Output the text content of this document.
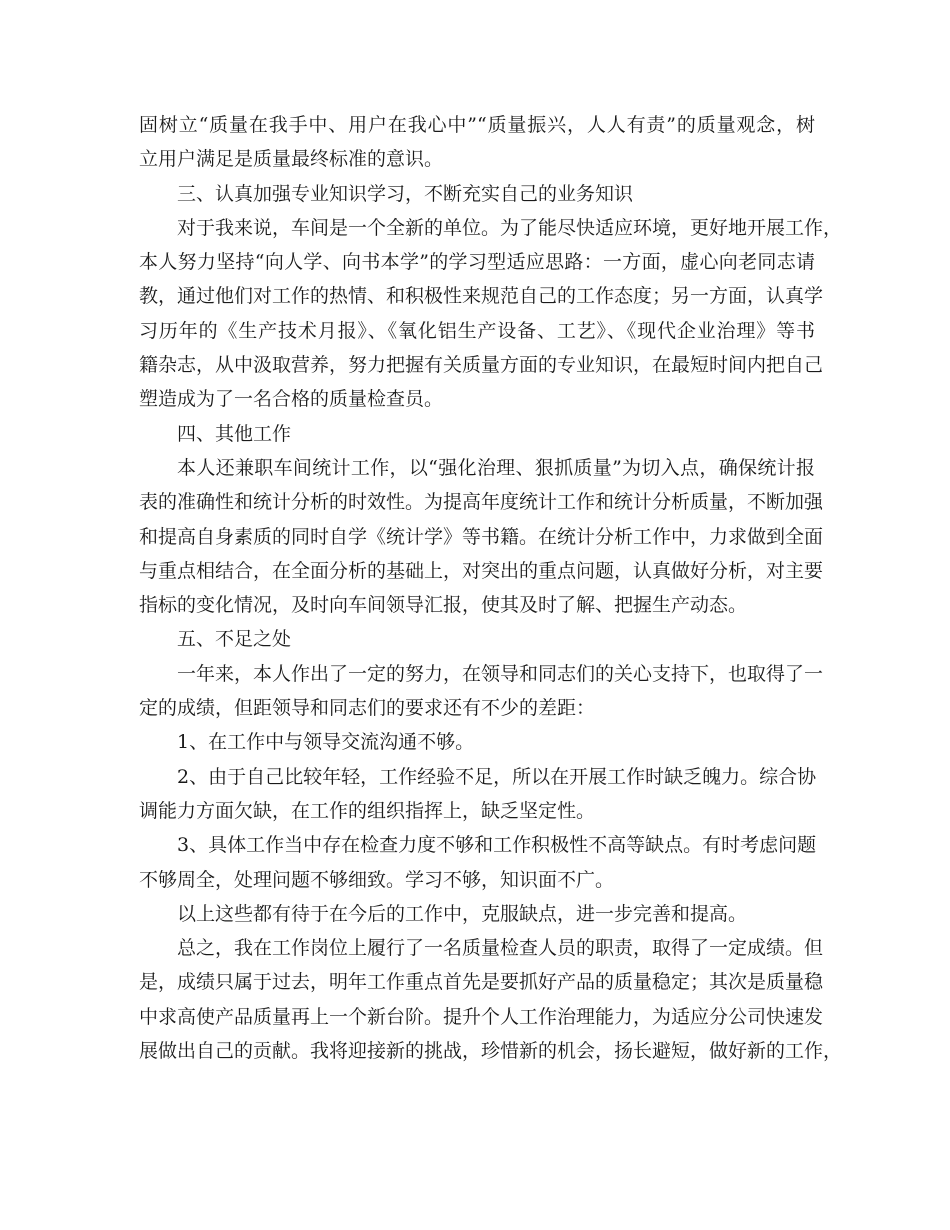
固树立“质量在我手中、用户在我心中”“质量振兴，人人有责”的质量观念，树
立用户满足是质量最终标准的意识。
三、认真加强专业知识学习，不断充实自己的业务知识
对于我来说，车间是一个全新的单位。为了能尽快适应环境，更好地开展工作，
本人努力坚持“向人学、向书本学”的学习型适应思路：一方面，虚心向老同志请
教，通过他们对工作的热情、和积极性来规范自己的工作态度；另一方面，认真学
习历年的《生产技术月报》、《氧化铝生产设备、工艺》、《现代企业治理》等书
籍杂志，从中汲取营养，努力把握有关质量方面的专业知识，在最短时间内把自己
塑造成为了一名合格的质量检查员。
四、其他工作
本人还兼职车间统计工作，以“强化治理、狠抓质量”为切入点，确保统计报
表的准确性和统计分析的时效性。为提高年度统计工作和统计分析质量，不断加强
和提高自身素质的同时自学《统计学》等书籍。在统计分析工作中，力求做到全面
与重点相结合，在全面分析的基础上，对突出的重点问题，认真做好分析，对主要
指标的变化情况，及时向车间领导汇报，使其及时了解、把握生产动态。
五、不足之处
一年来，本人作出了一定的努力，在领导和同志们的关心支持下，也取得了一
定的成绩，但距领导和同志们的要求还有不少的差距：
1、在工作中与领导交流沟通不够。
2、由于自己比较年轻，工作经验不足，所以在开展工作时缺乏魄力。综合协
调能力方面欠缺，在工作的组织指挥上，缺乏坚定性。
3、具体工作当中存在检查力度不够和工作积极性不高等缺点。有时考虑问题
不够周全，处理问题不够细致。学习不够，知识面不广。
以上这些都有待于在今后的工作中，克服缺点，进一步完善和提高。
总之，我在工作岗位上履行了一名质量检查人员的职责，取得了一定成绩。但
是，成绩只属于过去，明年工作重点首先是要抓好产品的质量稳定；其次是质量稳
中求高使产品质量再上一个新台阶。提升个人工作治理能力，为适应分公司快速发
展做出自己的贡献。我将迎接新的挑战，珍惜新的机会，扬长避短，做好新的工作，
